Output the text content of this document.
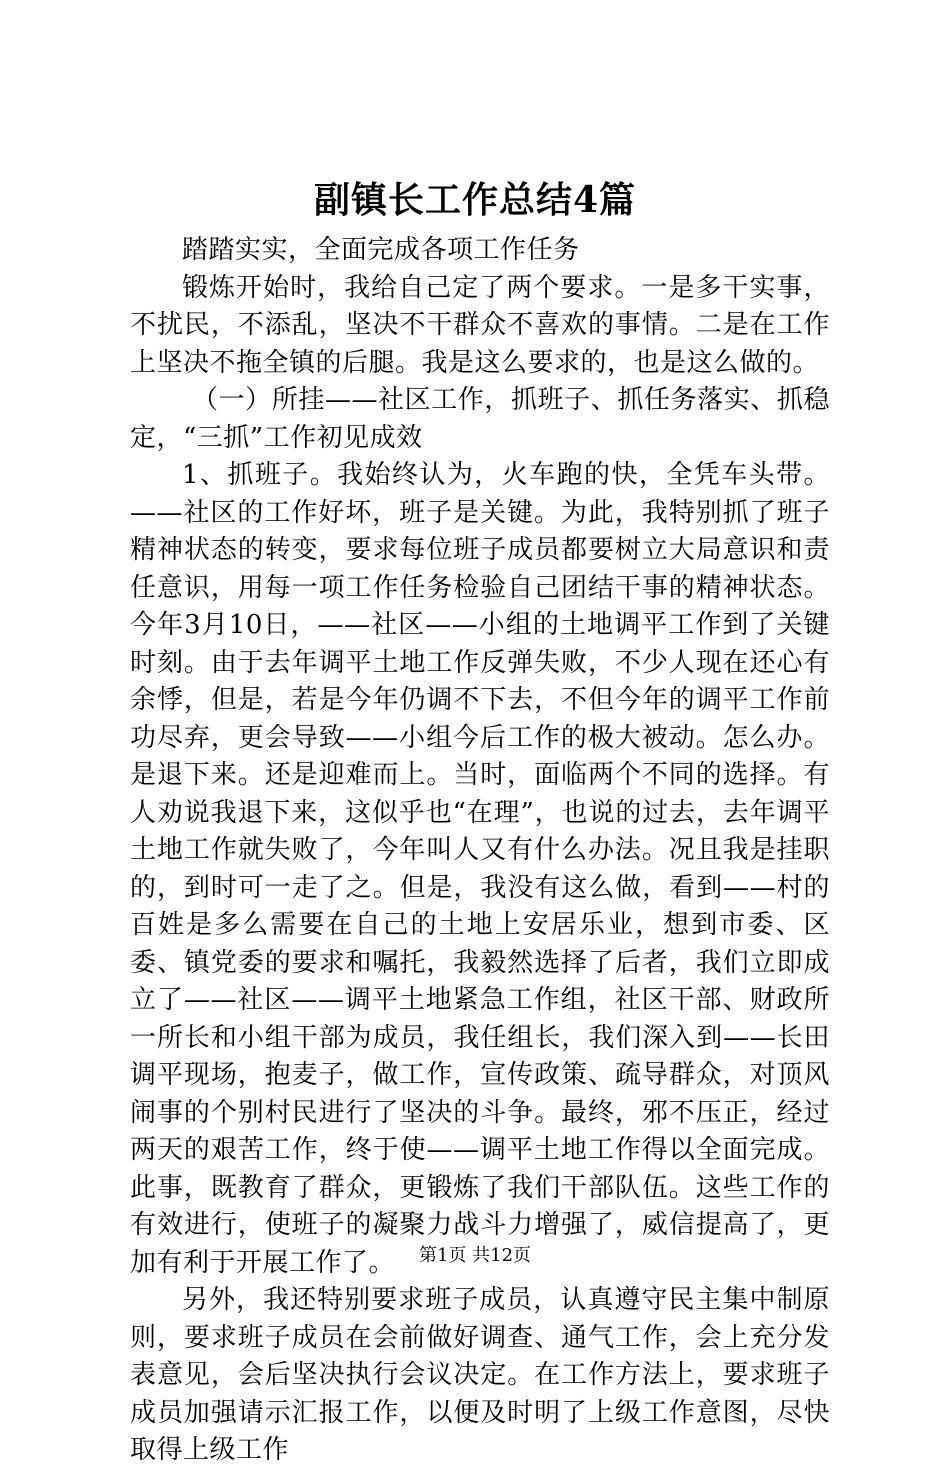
副镇长工作总结4篇

踏踏实实，全面完成各项工作任务

锻炼开始时，我给自己定了两个要求。一是多干实事，不扰民，不添乱，坚决不干群众不喜欢的事情。二是在工作上坚决不拖全镇的后腿。我是这么要求的，也是这么做的。

（一）所挂——社区工作，抓班子、抓任务落实、抓稳定，“三抓”工作初见成效

1、抓班子。我始终认为，火车跑的快，全凭车头带。——社区的工作好坏，班子是关键。为此，我特别抓了班子精神状态的转变，要求每位班子成员都要树立大局意识和责任意识，用每一项工作任务检验自己团结干事的精神状态。今年3月10日，——社区——小组的土地调平工作到了关键时刻。由于去年调平土地工作反弹失败，不少人现在还心有余悸，但是，若是今年仍调不下去，不但今年的调平工作前功尽弃，更会导致——小组今后工作的极大被动。怎么办。是退下来。还是迎难而上。当时，面临两个不同的选择。有人劝说我退下来，这似乎也“在理”，也说的过去，去年调平土地工作就失败了，今年叫人又有什么办法。况且我是挂职的，到时可一走了之。但是，我没有这么做，看到——村的百姓是多么需要在自己的土地上安居乐业，想到市委、区委、镇党委的要求和嘱托，我毅然选择了后者，我们立即成立了——社区——调平土地紧急工作组，社区干部、财政所一所长和小组干部为成员，我任组长，我们深入到——长田调平现场，抱麦子，做工作，宣传政策、疏导群众，对顶风闹事的个别村民进行了坚决的斗争。最终，邪不压正，经过两天的艰苦工作，终于使——调平土地工作得以全面完成。此事，既教育了群众，更锻炼了我们干部队伍。这些工作的有效进行，使班子的凝聚力战斗力增强了，威信提高了，更加有利于开展工作了。

另外，我还特别要求班子成员，认真遵守民主集中制原则，要求班子成员在会前做好调查、通气工作，会上充分发表意见，会后坚决执行会议决定。在工作方法上，要求班子成员加强请示汇报工作，以便及时明了上级工作意图，尽快取得上级工作

第1页 共12页
